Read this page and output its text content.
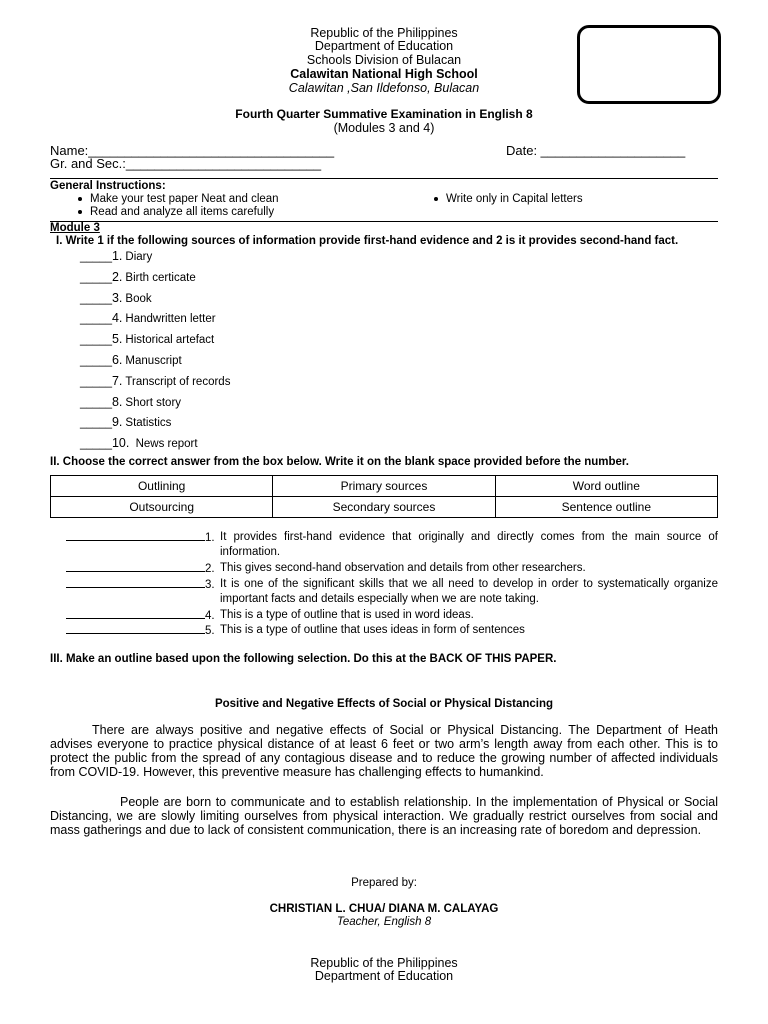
Republic of the Philippines
Department of Education
Schools Division of Bulacan
Calawitan National High School
Calawitan ,San Ildefonso, Bulacan
Fourth Quarter Summative Examination in English 8
(Modules 3 and 4)
Name:__________________________________
Gr. and Sec.:___________________________
Date: ____________________
General Instructions:
Make your test paper Neat and clean
Read and analyze all items carefully
Write only in Capital letters
Module 3
I. Write 1 if the following sources of information provide first-hand evidence and 2 is it provides second-hand fact.
_____1. Diary
_____2. Birth certicate
_____3. Book
_____4. Handwritten letter
_____5. Historical artefact
_____6. Manuscript
_____7. Transcript of records
_____8. Short story
_____9. Statistics
_____10. News report
II. Choose the correct answer from the box below. Write it on the blank space provided before the number.
Outlining	Primary sources	Word outline
Outsourcing	Secondary sources	Sentence outline
1. It provides first-hand evidence that originally and directly comes from the main source of information.
2. This gives second-hand observation and details from other researchers.
3. It is one of the significant skills that we all need to develop in order to systematically organize important facts and details especially when we are note taking.
4. This is a type of outline that is used in word ideas.
5. This is a type of outline that uses ideas in form of sentences
III. Make an outline based upon the following selection. Do this at the BACK OF THIS PAPER.
Positive and Negative Effects of Social or Physical Distancing
There are always positive and negative effects of Social or Physical Distancing. The Department of Heath advises everyone to practice physical distance of at least 6 feet or two arm’s length away from each other. This is to protect the public from the spread of any contagious disease and to reduce the growing number of affected individuals from COVID-19. However, this preventive measure has challenging effects to humankind.
People are born to communicate and to establish relationship. In the implementation of Physical or Social Distancing, we are slowly limiting ourselves from physical interaction. We gradually restrict ourselves from social and mass gatherings and due to lack of consistent communication, there is an increasing rate of boredom and depression.
Prepared by:
CHRISTIAN L. CHUA/ DIANA M. CALAYAG
Teacher, English 8
Republic of the Philippines
Department of Education
